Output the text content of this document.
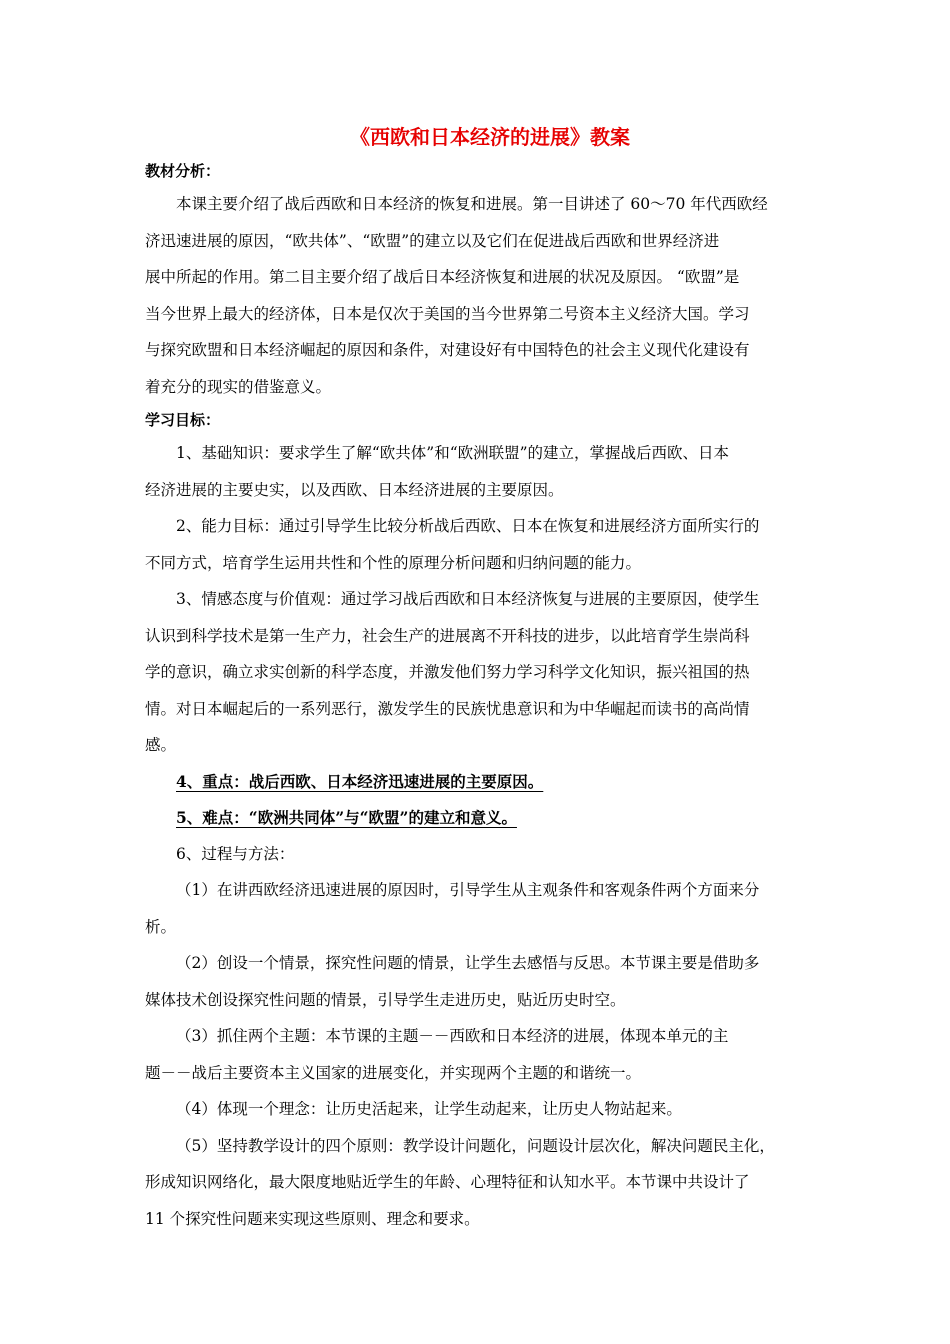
《西欧和日本经济的进展》教案
教材分析：
本课主要介绍了战后西欧和日本经济的恢复和进展。第一目讲述了 60～70 年代西欧经
济迅速进展的原因，“欧共体”、“欧盟”的建立以及它们在促进战后西欧和世界经济进
展中所起的作用。第二目主要介绍了战后日本经济恢复和进展的状况及原因。 “欧盟”是
当今世界上最大的经济体，日本是仅次于美国的当今世界第二号资本主义经济大国。学习
与探究欧盟和日本经济崛起的原因和条件，对建设好有中国特色的社会主义现代化建设有
着充分的现实的借鉴意义。
学习目标：
1、基础知识：要求学生了解“欧共体”和“欧洲联盟”的建立，掌握战后西欧、日本
经济进展的主要史实，以及西欧、日本经济进展的主要原因。
2、能力目标：通过引导学生比较分析战后西欧、日本在恢复和进展经济方面所实行的
不同方式，培育学生运用共性和个性的原理分析问题和归纳问题的能力。
3、情感态度与价值观：通过学习战后西欧和日本经济恢复与进展的主要原因，使学生
认识到科学技术是第一生产力，社会生产的进展离不开科技的进步，以此培育学生崇尚科
学的意识，确立求实创新的科学态度，并激发他们努力学习科学文化知识，振兴祖国的热
情。对日本崛起后的一系列恶行，激发学生的民族忧患意识和为中华崛起而读书的高尚情
感。
4、重点：战后西欧、日本经济迅速进展的主要原因。
5、难点：“欧洲共同体”与“欧盟”的建立和意义。
6、过程与方法：
（1）在讲西欧经济迅速进展的原因时，引导学生从主观条件和客观条件两个方面来分
析。
（2）创设一个情景，探究性问题的情景，让学生去感悟与反思。本节课主要是借助多
媒体技术创设探究性问题的情景，引导学生走进历史，贴近历史时空。
（3）抓住两个主题：本节课的主题－－西欧和日本经济的进展，体现本单元的主
题－－战后主要资本主义国家的进展变化，并实现两个主题的和谐统一。
（4）体现一个理念：让历史活起来，让学生动起来，让历史人物站起来。
（5）坚持教学设计的四个原则：教学设计问题化，问题设计层次化，解决问题民主化，
形成知识网络化，最大限度地贴近学生的年龄、心理特征和认知水平。本节课中共设计了
11 个探究性问题来实现这些原则、理念和要求。
